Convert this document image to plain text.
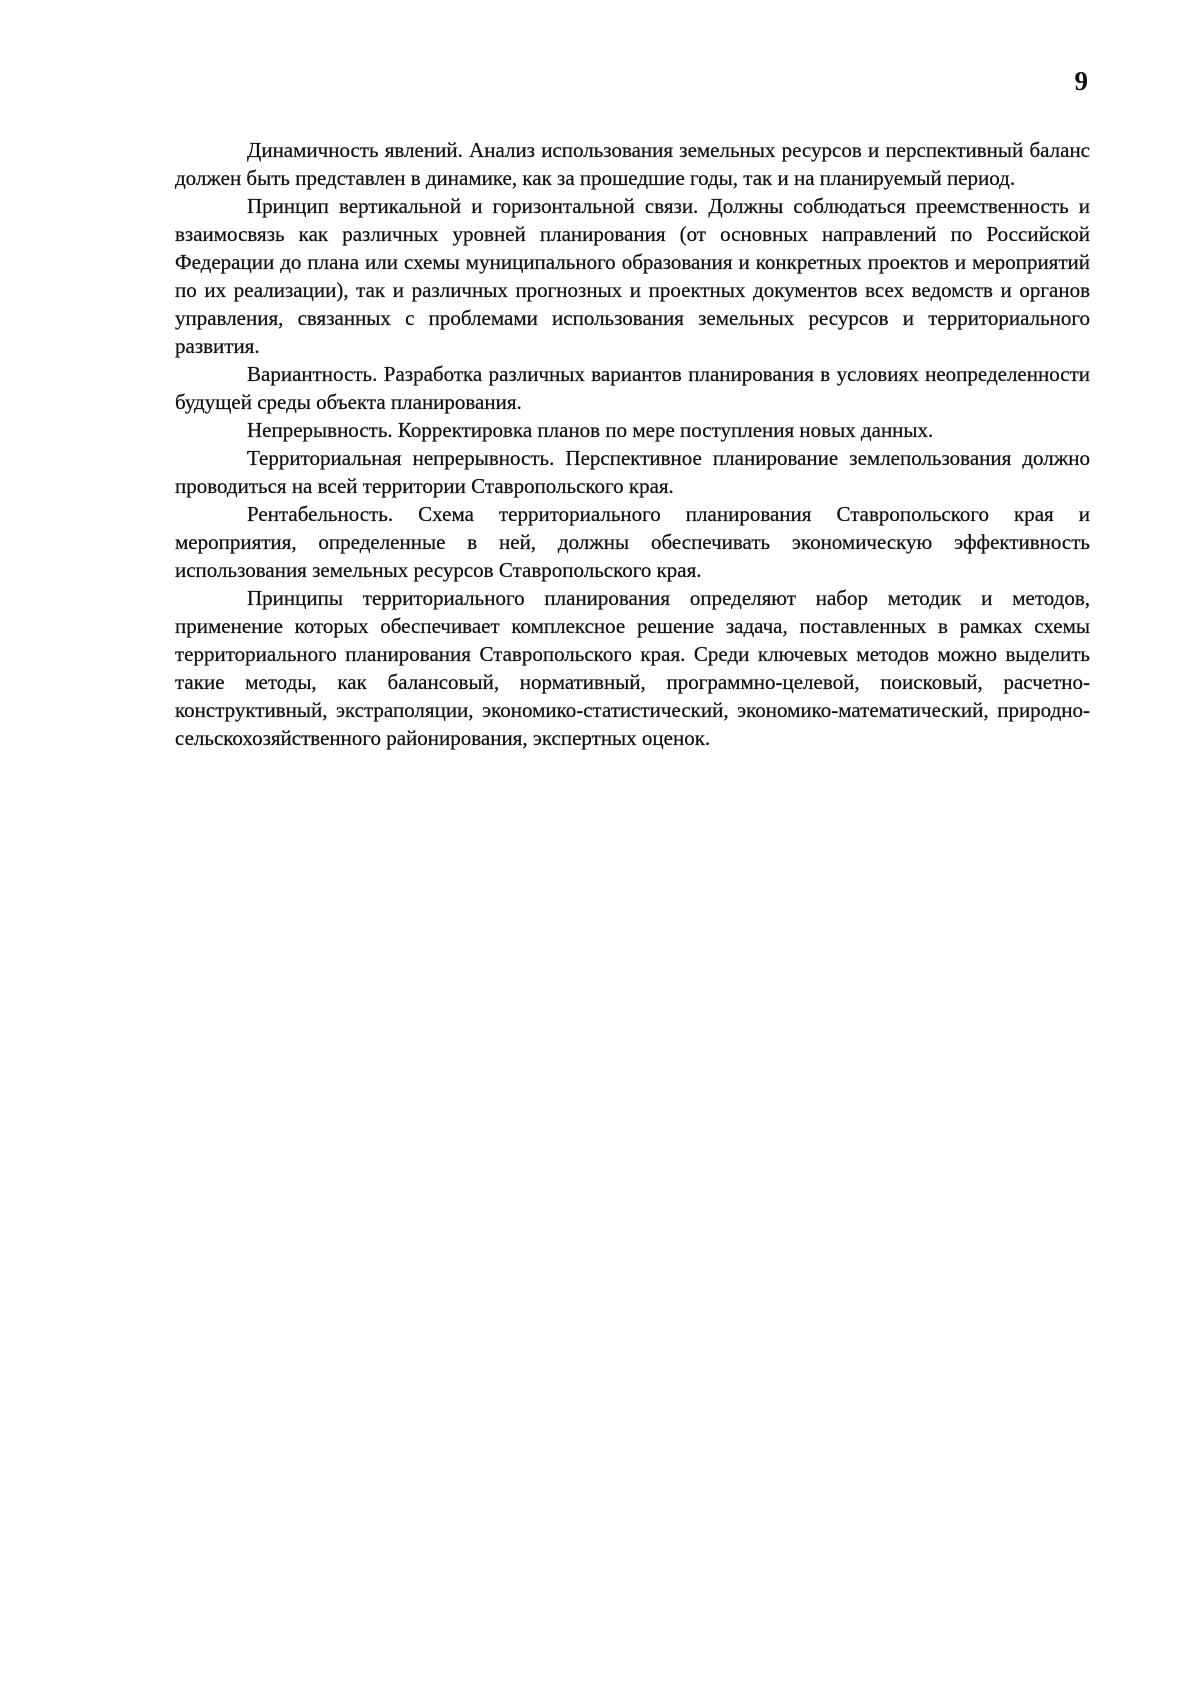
9

Динамичность явлений. Анализ использования земельных ресурсов и перспективный баланс должен быть представлен в динамике, как за прошедшие годы, так и на планируемый период.

Принцип вертикальной и горизонтальной связи. Должны соблюдаться преемственность и взаимосвязь как различных уровней планирования (от основных направлений по Российской Федерации до плана или схемы муниципального образования и конкретных проектов и мероприятий по их реализации), так и различных прогнозных и проектных документов всех ведомств и органов управления, связанных с проблемами использования земельных ресурсов и территориального развития.

Вариантность. Разработка различных вариантов планирования в условиях неопределенности будущей среды объекта планирования.

Непрерывность. Корректировка планов по мере поступления новых данных.

Территориальная непрерывность. Перспективное планирование землепользования должно проводиться на всей территории Ставропольского края.

Рентабельность. Схема территориального планирования Ставропольского края и мероприятия, определенные в ней, должны обеспечивать экономическую эффективность использования земельных ресурсов Ставропольского края.

Принципы территориального планирования определяют набор методик и методов, применение которых обеспечивает комплексное решение задача, поставленных в рамках схемы территориального планирования Ставропольского края. Среди ключевых методов можно выделить такие методы, как балансовый, нормативный, программно-целевой, поисковый, расчетно-конструктивный, экстраполяции, экономико-статистический, экономико-математический, природно-сельскохозяйственного районирования, экспертных оценок.
